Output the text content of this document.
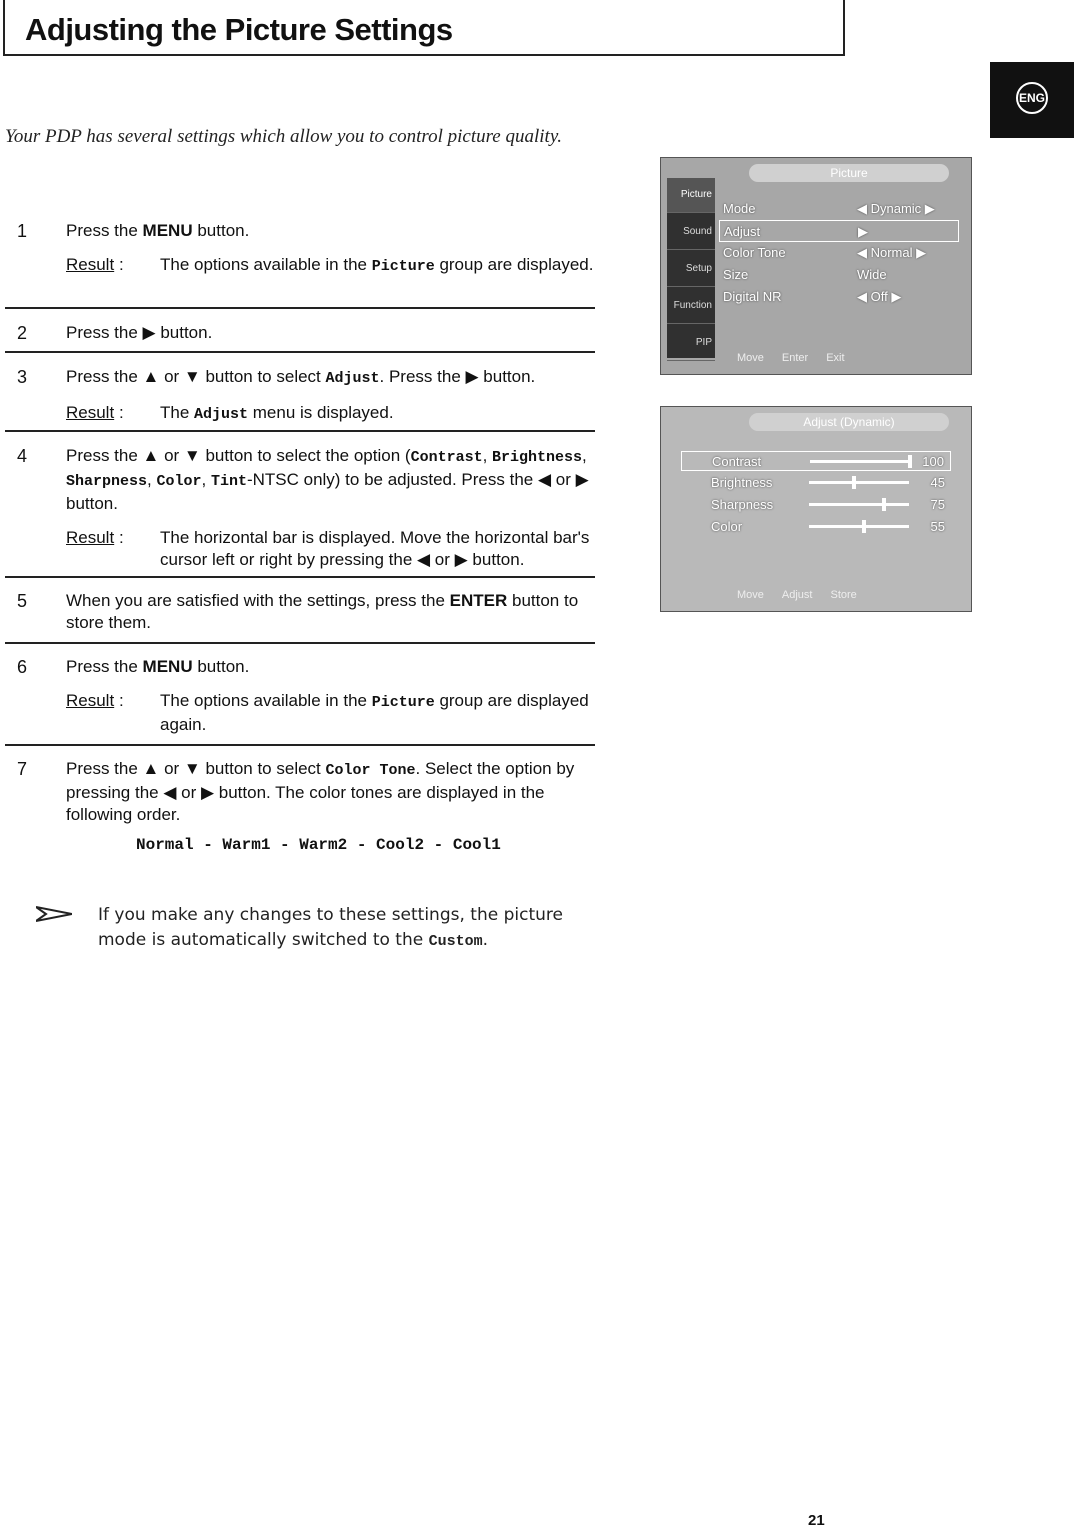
Adjusting the Picture Settings
ENG
Your PDP has several settings which allow you to control picture quality.
1 Press the MENU button.
Result : The options available in the Picture group are displayed.
2 Press the ▶ button.
3 Press the ▲ or ▼ button to select Adjust. Press the ▶ button.
Result : The Adjust menu is displayed.
4 Press the ▲ or ▼ button to select the option (Contrast, Brightness, Sharpness, Color, Tint-NTSC only) to be adjusted. Press the ◀ or ▶ button.
Result : The horizontal bar is displayed. Move the horizontal bar's cursor left or right by pressing the ◀ or ▶ button.
5 When you are satisfied with the settings, press the ENTER button to store them.
6 Press the MENU button.
Result : The options available in the Picture group are displayed again.
7 Press the ▲ or ▼ button to select Color Tone. Select the option by pressing the ◀ or ▶ button. The color tones are displayed in the following order.
Normal - Warm1 - Warm2 - Cool2 - Cool1
If you make any changes to these settings, the picture mode is automatically switched to the Custom.
Picture
Picture
Sound
Setup
Function
PIP
Mode	◀ Dynamic ▶
Adjust	▶
Color Tone	◀ Normal ▶
Size	Wide
Digital NR	◀ Off ▶
Move Enter Exit
Adjust (Dynamic)
Contrast	100
Brightness	45
Sharpness	75
Color	55
Move Adjust Store
21
